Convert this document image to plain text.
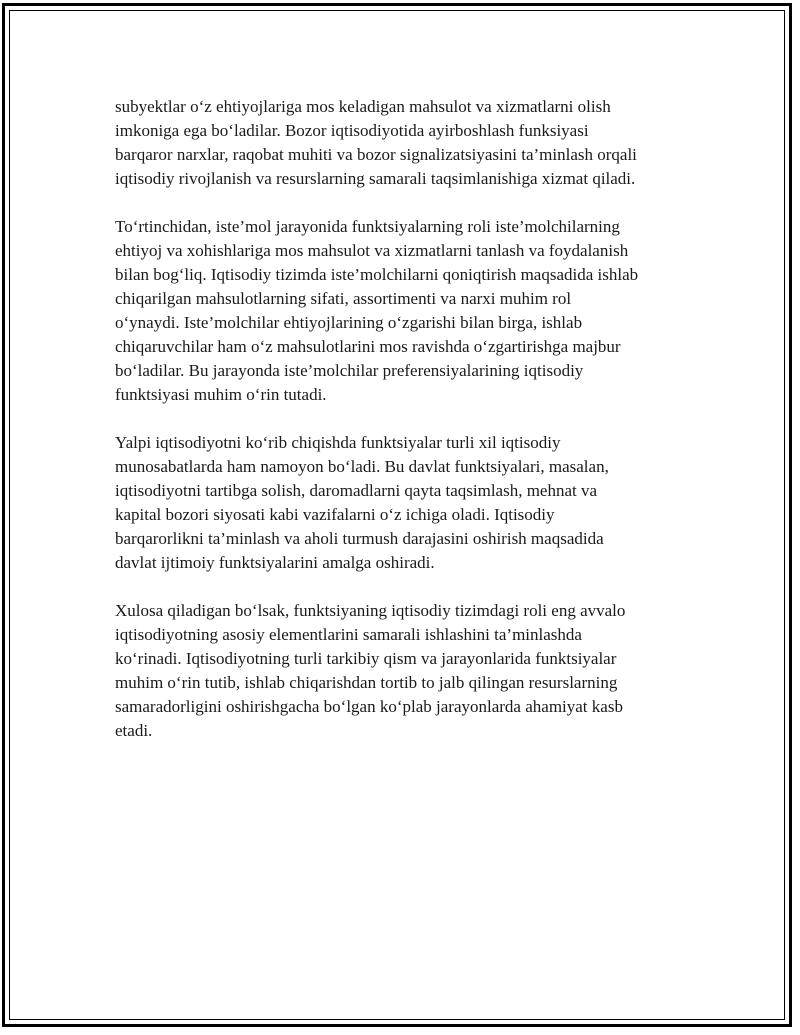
subyektlar o‘z ehtiyojlariga mos keladigan mahsulot va xizmatlarni olish
imkoniga ega bo‘ladilar. Bozor iqtisodiyotida ayirboshlash funksiyasi
barqaror narxlar, raqobat muhiti va bozor signalizatsiyasini ta’minlash orqali
iqtisodiy rivojlanish va resurslarning samarali taqsimlanishiga xizmat qiladi.

To‘rtinchidan, iste’mol jarayonida funktsiyalarning roli iste’molchilarning
ehtiyoj va xohishlariga mos mahsulot va xizmatlarni tanlash va foydalanish
bilan bog‘liq. Iqtisodiy tizimda iste’molchilarni qoniqtirish maqsadida ishlab
chiqarilgan mahsulotlarning sifati, assortimenti va narxi muhim rol
o‘ynaydi. Iste’molchilar ehtiyojlarining o‘zgarishi bilan birga, ishlab
chiqaruvchilar ham o‘z mahsulotlarini mos ravishda o‘zgartirishga majbur
bo‘ladilar. Bu jarayonda iste’molchilar preferensiyalarining iqtisodiy
funktsiyasi muhim o‘rin tutadi.

Yalpi iqtisodiyotni ko‘rib chiqishda funktsiyalar turli xil iqtisodiy
munosabatlarda ham namoyon bo‘ladi. Bu davlat funktsiyalari, masalan,
iqtisodiyotni tartibga solish, daromadlarni qayta taqsimlash, mehnat va
kapital bozori siyosati kabi vazifalarni o‘z ichiga oladi. Iqtisodiy
barqarorlikni ta’minlash va aholi turmush darajasini oshirish maqsadida
davlat ijtimoiy funktsiyalarini amalga oshiradi.

Xulosa qiladigan bo‘lsak, funktsiyaning iqtisodiy tizimdagi roli eng avvalo
iqtisodiyotning asosiy elementlarini samarali ishlashini ta’minlashda
ko‘rinadi. Iqtisodiyotning turli tarkibiy qism va jarayonlarida funktsiyalar
muhim o‘rin tutib, ishlab chiqarishdan tortib to jalb qilingan resurslarning
samaradorligini oshirishgacha bo‘lgan ko‘plab jarayonlarda ahamiyat kasb
etadi.
